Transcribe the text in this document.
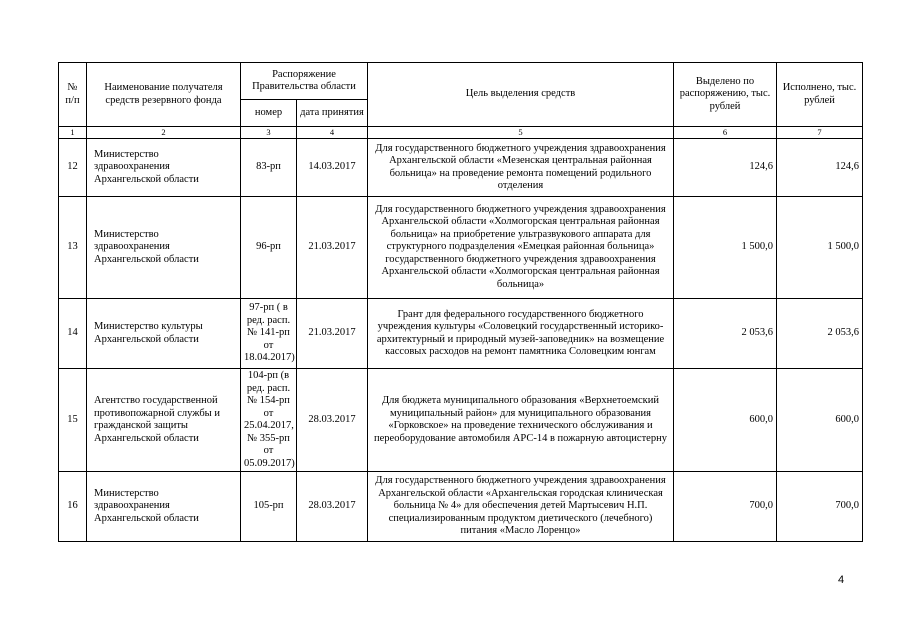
№ п/п	Наименование получателя средств резервного фонда	Распоряжение Правительства области		Цель выделения средств	Выделено по распоряжению, тыс. рублей	Исполнено, тыс. рублей
		номер	дата принятия			
1	2	3	4	5	6	7
12	Министерство здравоохранения Архангельской области	83-рп	14.03.2017	Для государственного бюджетного учреждения здравоохранения Архангельской области «Мезенская центральная районная больница» на проведение ремонта помещений родильного отделения	124,6	124,6
13	Министерство здравоохранения Архангельской области	96-рп	21.03.2017	Для государственного бюджетного учреждения здравоохранения Архангельской области «Холмогорская центральная районная больница» на приобретение ультразвукового аппарата для структурного подразделения «Емецкая районная больница» государственного бюджетного учреждения здравоохранения Архангельской области «Холмогорская центральная районная больница»	1 500,0	1 500,0
14	Министерство культуры Архангельской области	97-рп ( в ред. расп. № 141-рп от 18.04.2017)	21.03.2017	Грант для федерального государственного бюджетного учреждения культуры «Соловецкий государственный историко-архитектурный и природный музей-заповедник» на возмещение кассовых расходов на ремонт памятника Соловецким юнгам	2 053,6	2 053,6
15	Агентство государственной противопожарной службы и гражданской защиты Архангельской области	104-рп (в ред. расп. № 154-рп от 25.04.2017, № 355-рп от 05.09.2017)	28.03.2017	Для бюджета муниципального образования «Верхнетоемский муниципальный район» для муниципального образования «Горковское» на проведение технического обслуживания и переоборудование автомобиля АРС-14 в пожарную автоцистерну	600,0	600,0
16	Министерство здравоохранения Архангельской области	105-рп	28.03.2017	Для государственного бюджетного учреждения здравоохранения Архангельской области «Архангельская городская клиническая больница № 4» для обеспечения детей Мартысевич Н.П. специализированным продуктом диетического (лечебного) питания «Масло Лоренцо»	700,0	700,0
4
